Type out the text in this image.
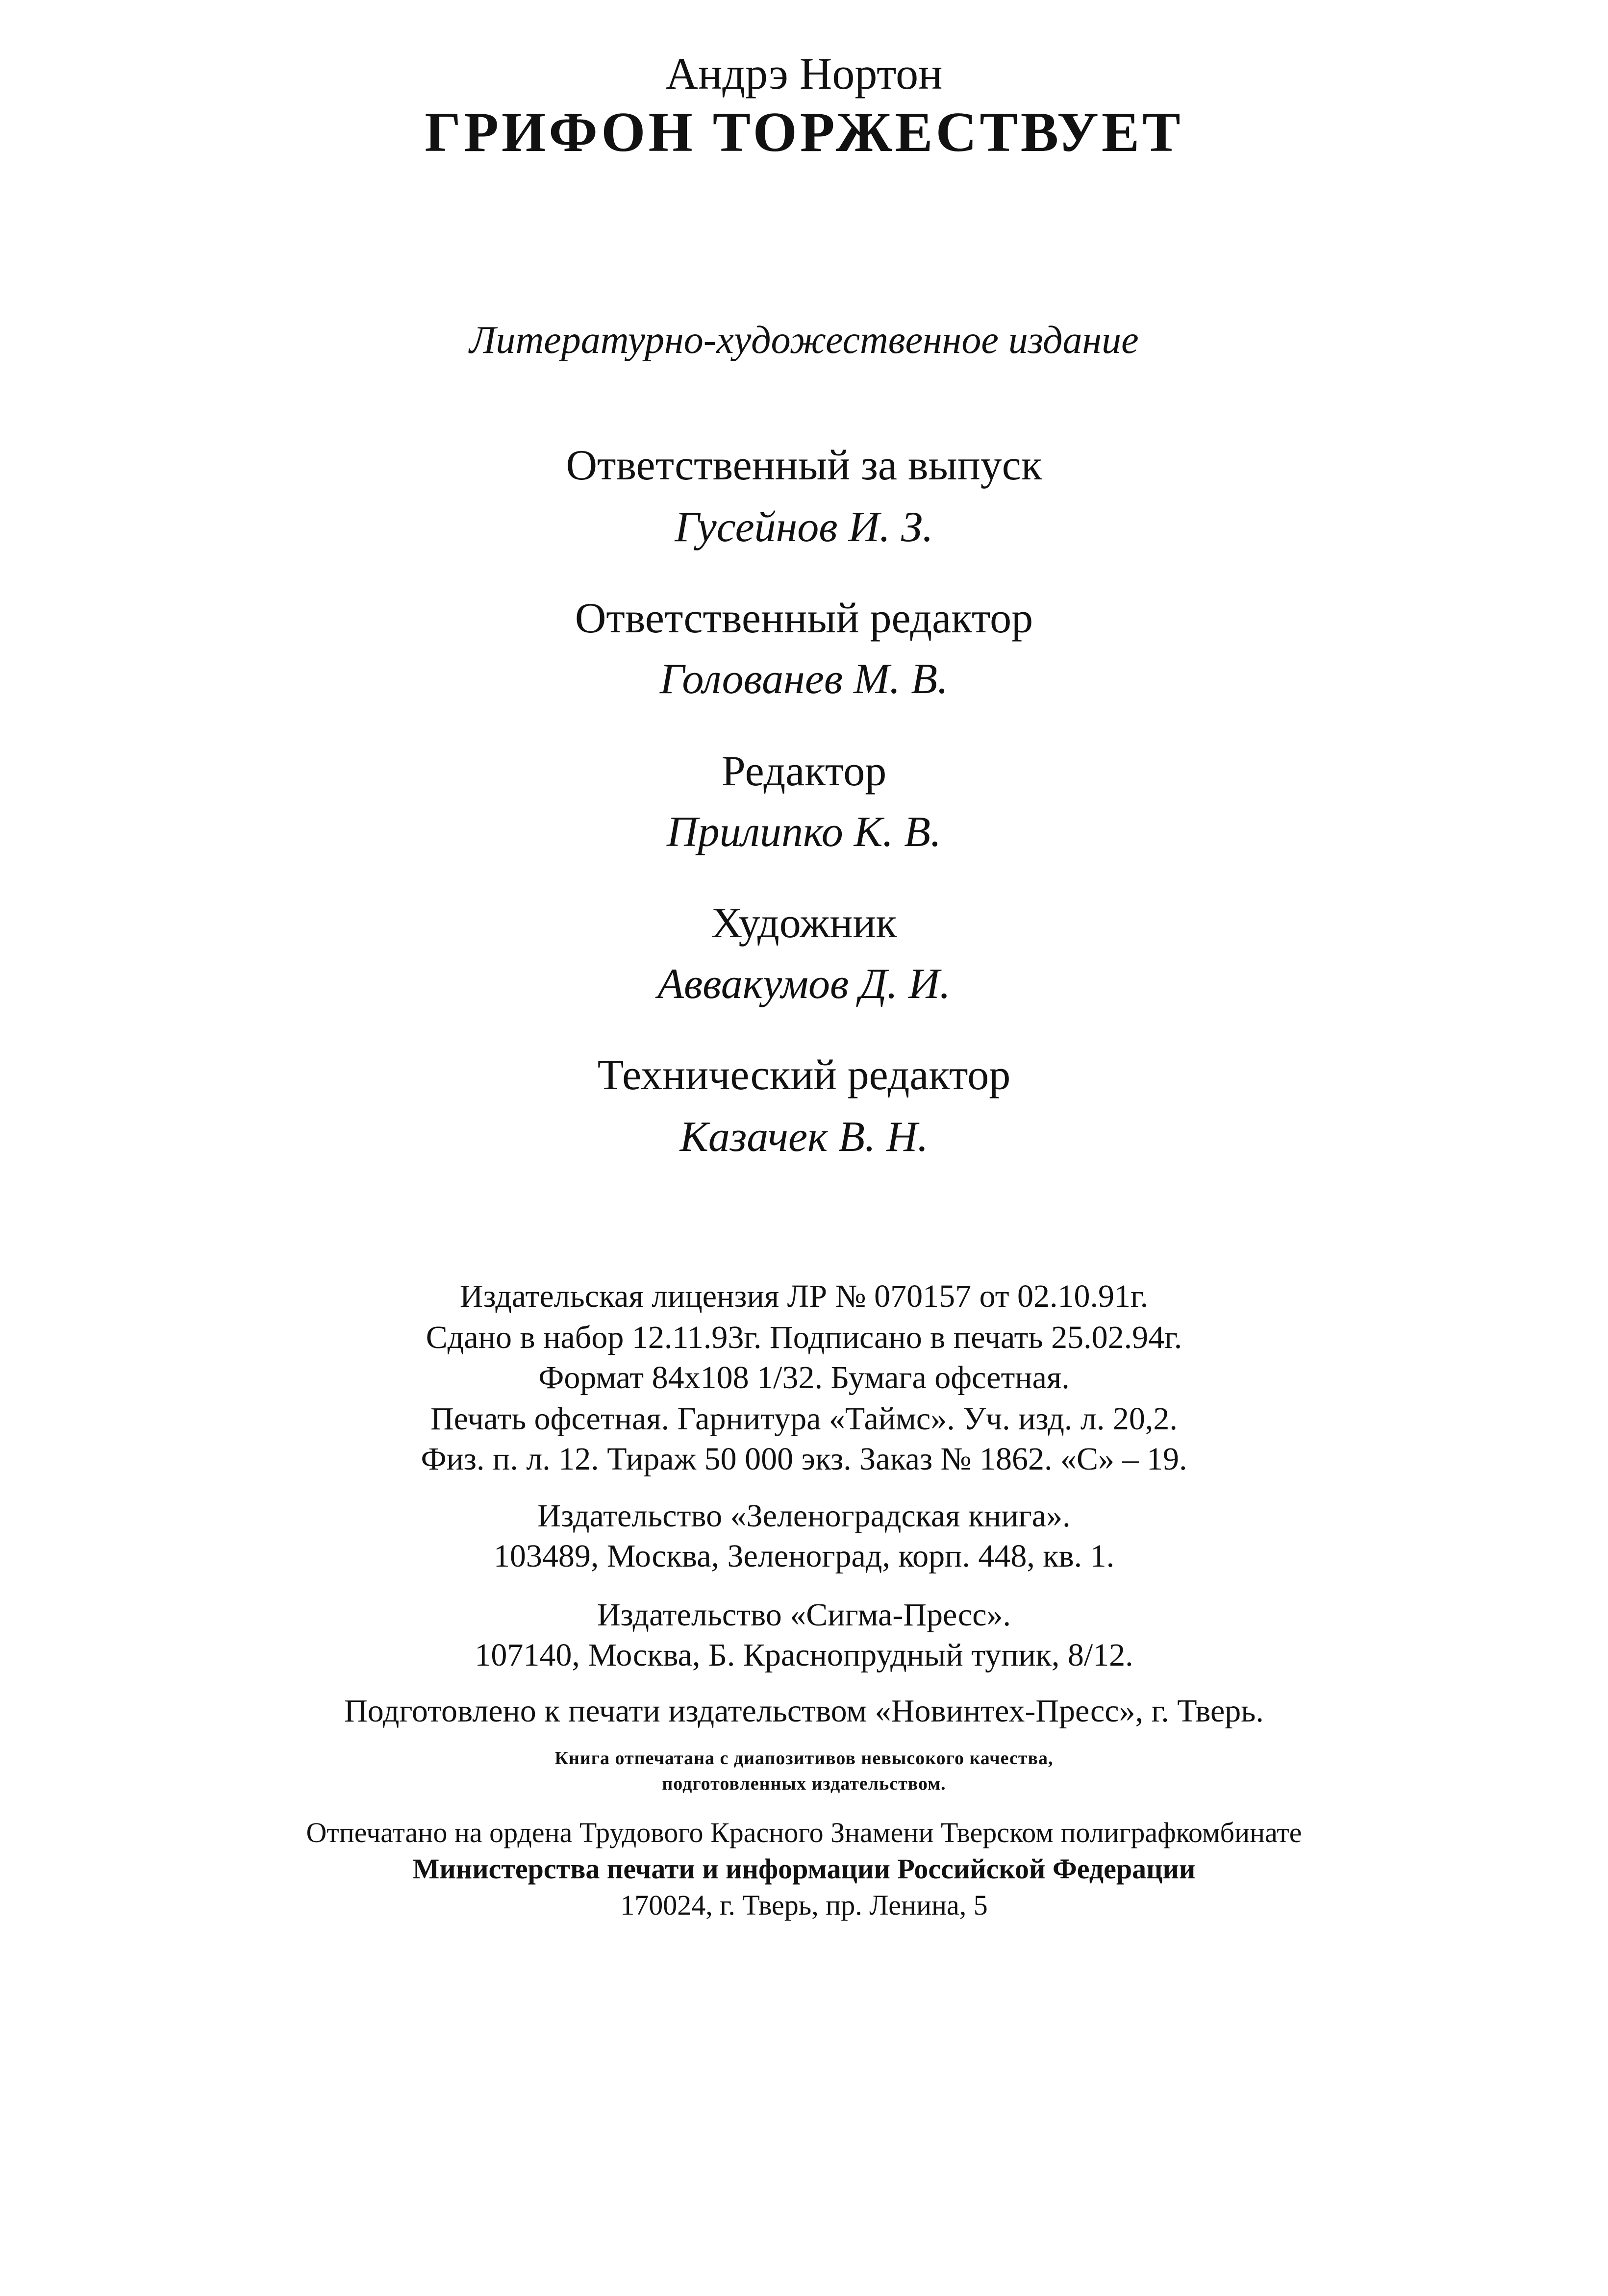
Андрэ Нортон
ГРИФОН ТОРЖЕСТВУЕТ
Литературно-художественное издание
Ответственный за выпуск
Гусейнов И. З.
Ответственный редактор
Голованев М. В.
Редактор
Прилипко К. В.
Художник
Аввакумов Д. И.
Технический редактор
Казачек В. Н.
Издательская лицензия ЛР № 070157 от 02.10.91г.
Сдано в набор 12.11.93г. Подписано в печать 25.02.94г.
Формат 84х108 1/32. Бумага офсетная.
Печать офсетная. Гарнитура «Таймс». Уч. изд. л. 20,2.
Физ. п. л. 12. Тираж 50 000 экз. Заказ № 1862. «С» – 19.
Издательство «Зеленоградская книга».
103489, Москва, Зеленоград, корп. 448, кв. 1.
Издательство «Сигма-Пресс».
107140, Москва, Б. Краснопрудный тупик, 8/12.
Подготовлено к печати издательством «Новинтех-Пресс», г. Тверь.
Книга отпечатана с диапозитивов невысокого качества,
подготовленных издательством.
Отпечатано на ордена Трудового Красного Знамени Тверском полиграфкомбинате
Министерства печати и информации Российской Федерации
170024, г. Тверь, пр. Ленина, 5
